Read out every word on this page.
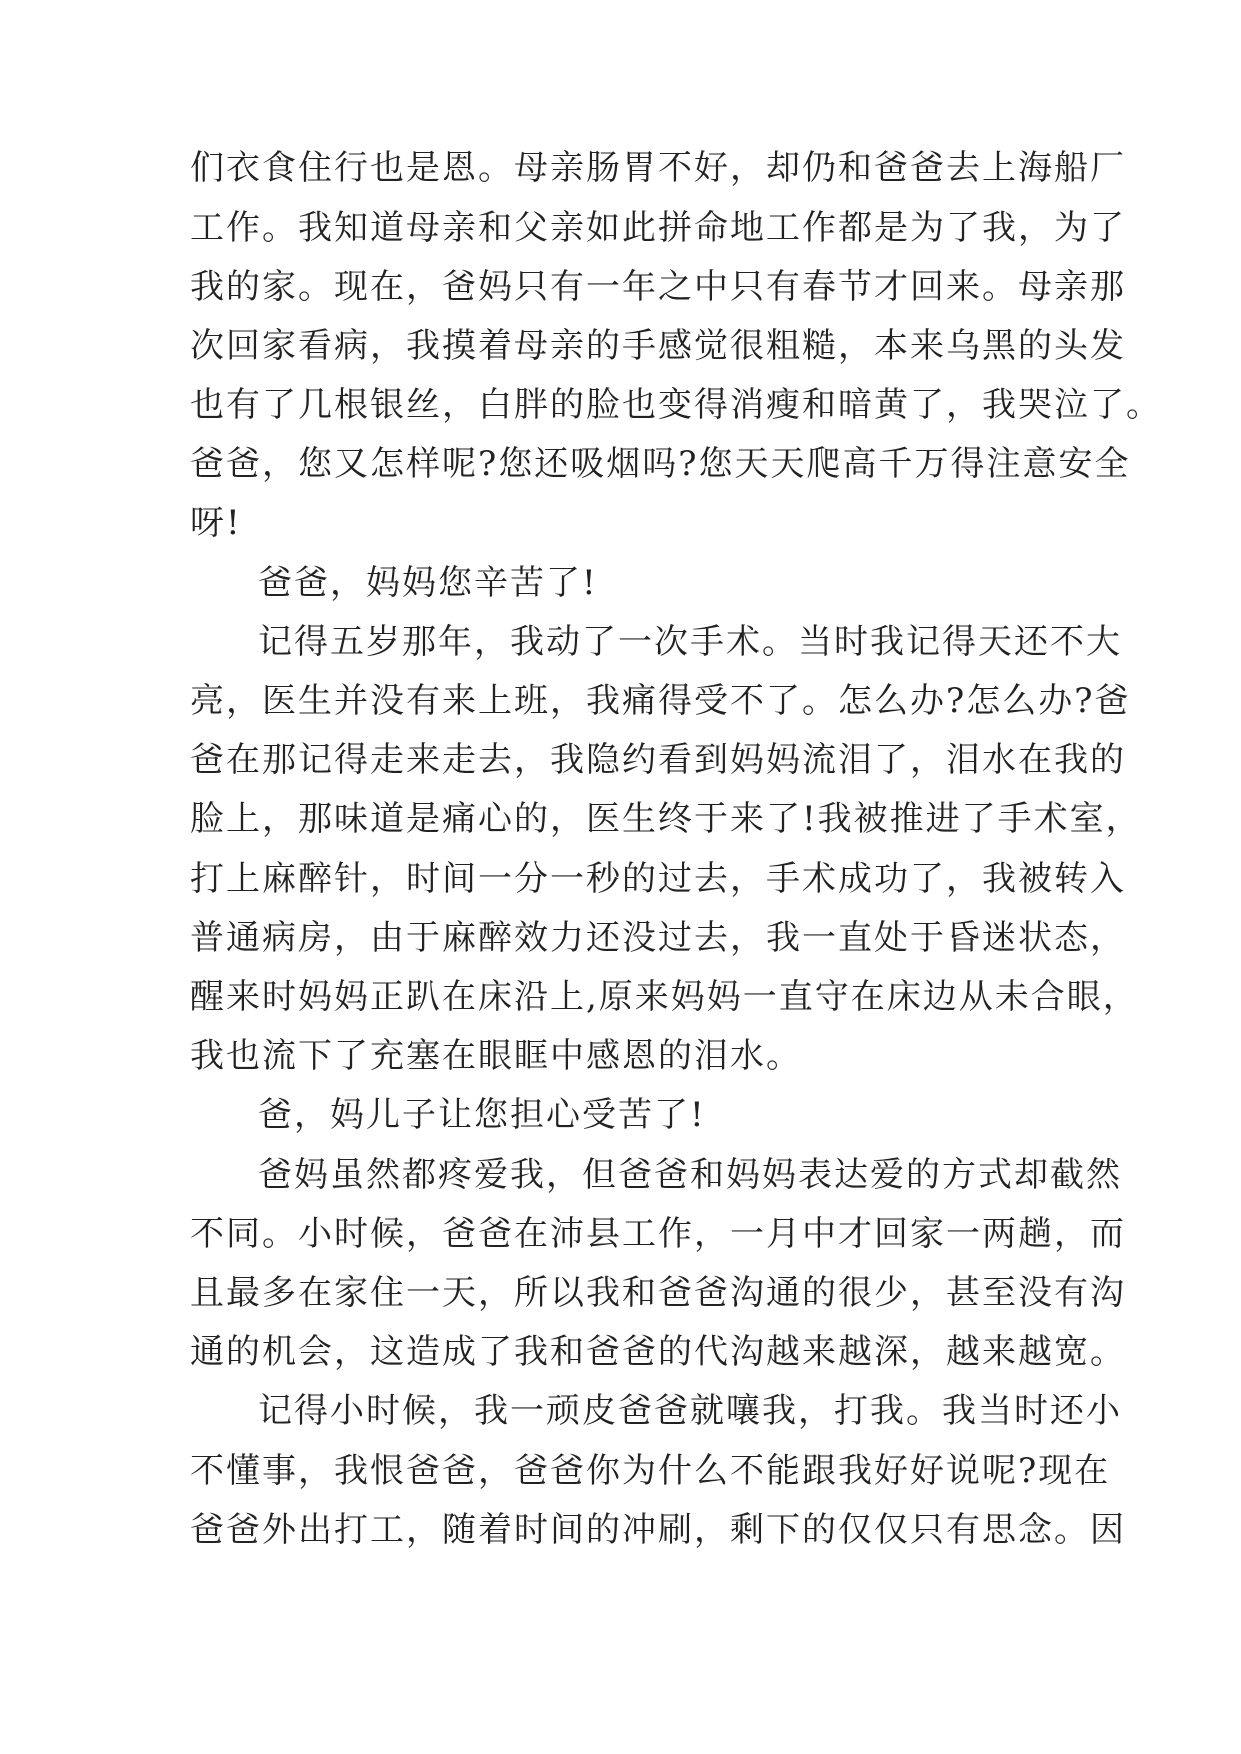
们衣食住行也是恩。母亲肠胃不好，却仍和爸爸去上海船厂
工作。我知道母亲和父亲如此拼命地工作都是为了我，为了
我的家。现在，爸妈只有一年之中只有春节才回来。母亲那
次回家看病，我摸着母亲的手感觉很粗糙，本来乌黑的头发
也有了几根银丝，白胖的脸也变得消瘦和暗黄了，我哭泣了。
爸爸，您又怎样呢?您还吸烟吗?您天天爬高千万得注意安全
呀!
爸爸，妈妈您辛苦了!
记得五岁那年，我动了一次手术。当时我记得天还不大
亮，医生并没有来上班，我痛得受不了。怎么办?怎么办?爸
爸在那记得走来走去，我隐约看到妈妈流泪了，泪水在我的
脸上，那味道是痛心的，医生终于来了!我被推进了手术室，
打上麻醉针，时间一分一秒的过去，手术成功了，我被转入
普通病房，由于麻醉效力还没过去，我一直处于昏迷状态，
醒来时妈妈正趴在床沿上,原来妈妈一直守在床边从未合眼，
我也流下了充塞在眼眶中感恩的泪水。
爸，妈儿子让您担心受苦了!
爸妈虽然都疼爱我，但爸爸和妈妈表达爱的方式却截然
不同。小时候，爸爸在沛县工作，一月中才回家一两趟，而
且最多在家住一天，所以我和爸爸沟通的很少，甚至没有沟
通的机会，这造成了我和爸爸的代沟越来越深，越来越宽。
记得小时候，我一顽皮爸爸就嚷我，打我。我当时还小
不懂事，我恨爸爸，爸爸你为什么不能跟我好好说呢?现在
爸爸外出打工，随着时间的冲刷，剩下的仅仅只有思念。因
